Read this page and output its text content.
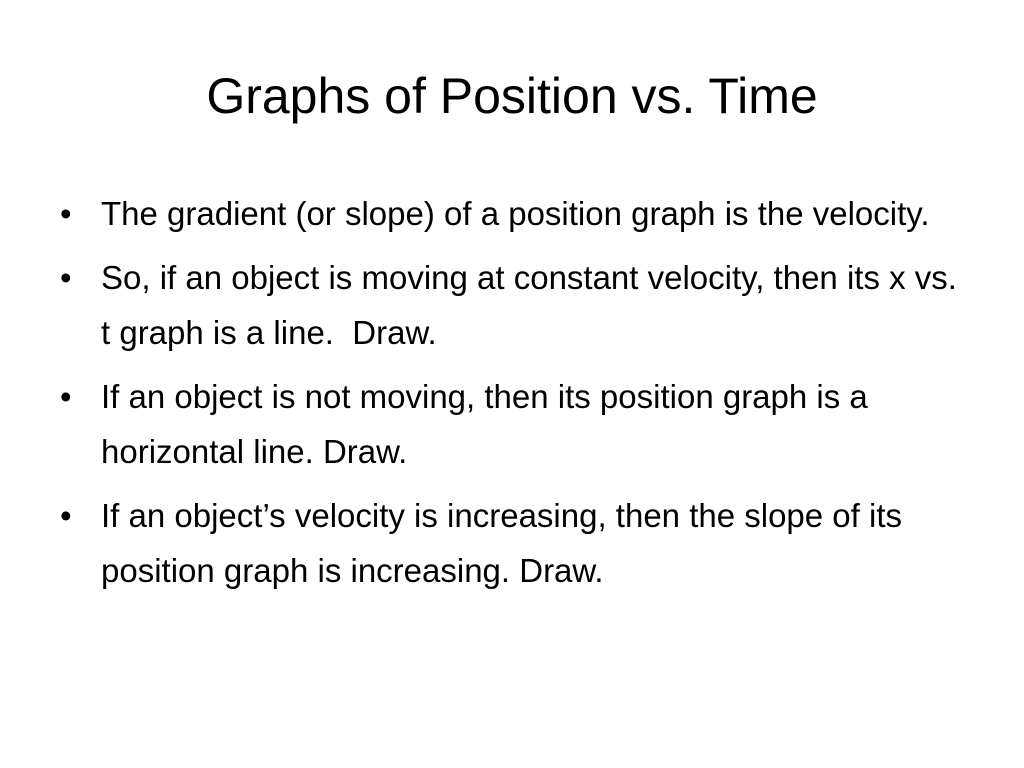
Graphs of Position vs. Time
• The gradient (or slope) of a position graph is the velocity.
• So, if an object is moving at constant velocity, then its x vs. t graph is a line.  Draw.
• If an object is not moving, then its position graph is a horizontal line. Draw.
• If an object’s velocity is increasing, then the slope of its position graph is increasing. Draw.
